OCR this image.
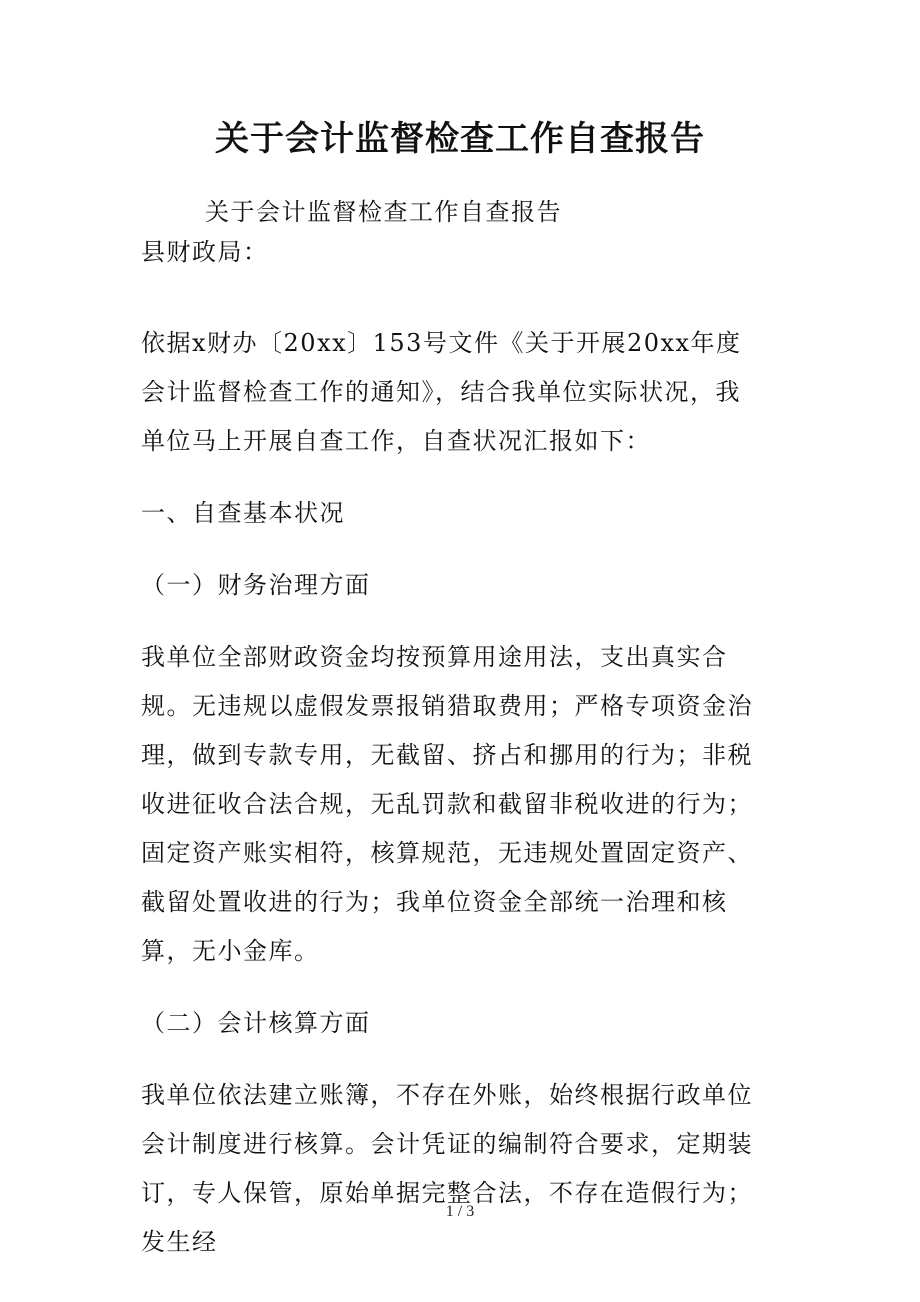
关于会计监督检查工作自查报告

关于会计监督检查工作自查报告

县财政局：

依据x财办〔20xx〕153号文件《关于开展20xx年度会计监督检查工作的通知》，结合我单位实际状况，我单位马上开展自查工作，自查状况汇报如下：

一、自查基本状况

（一）财务治理方面

我单位全部财政资金均按预算用途用法，支出真实合规。无违规以虚假发票报销猎取费用；严格专项资金治理，做到专款专用，无截留、挤占和挪用的行为；非税收进征收合法合规，无乱罚款和截留非税收进的行为；固定资产账实相符，核算规范，无违规处置固定资产、截留处置收进的行为；我单位资金全部统一治理和核算，无小金库。

（二）会计核算方面

我单位依法建立账簿，不存在外账，始终根据行政单位会计制度进行核算。会计凭证的编制符合要求，定期装订，专人保管，原始单据完整合法，不存在造假行为；发生经

1 / 3
